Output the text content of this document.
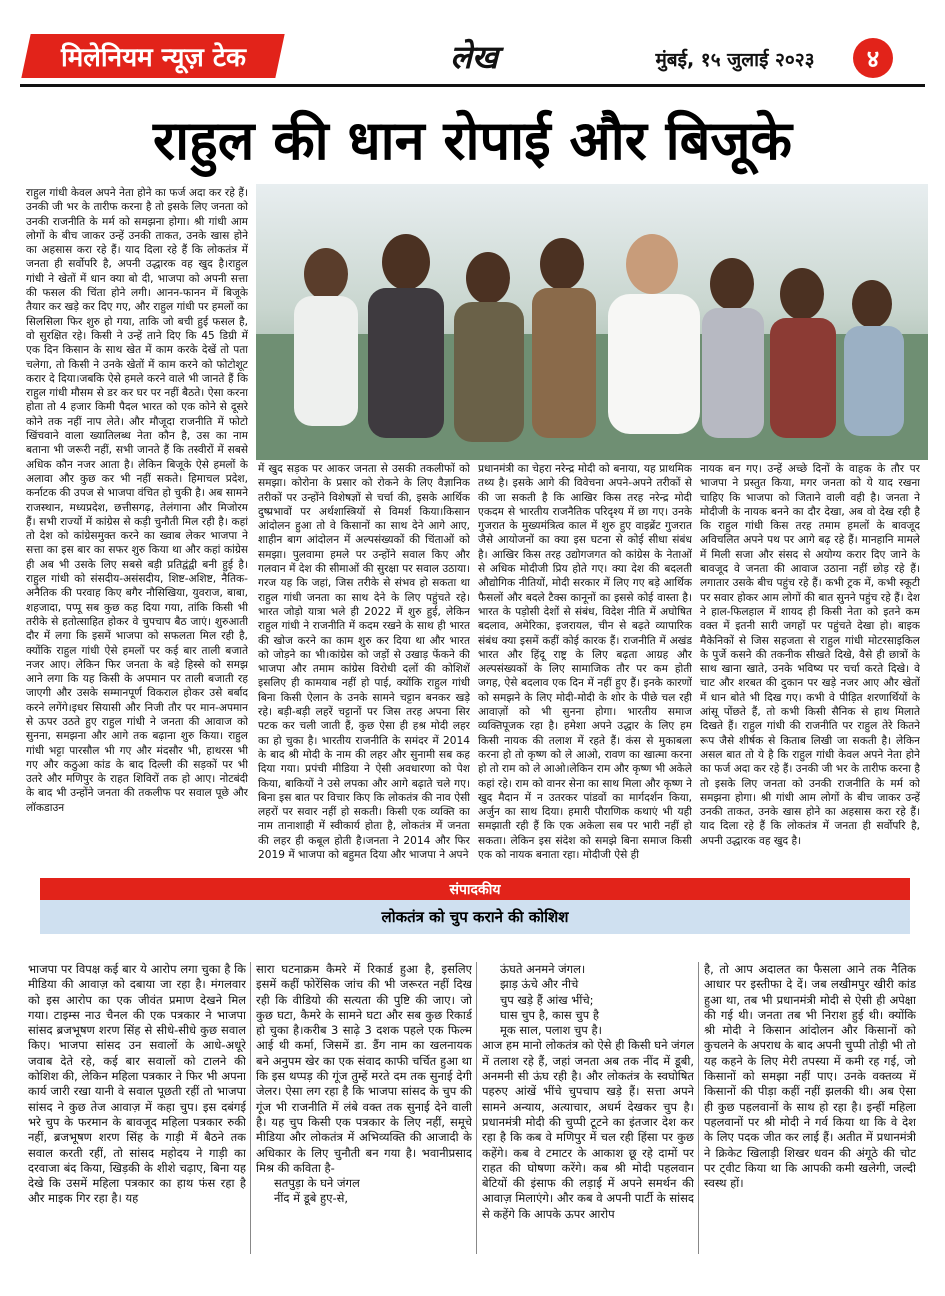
मिलेनियम न्यूज़ टेक	लेख	मुंबई, १५ जुलाई २०२३	४
राहुल की धान रोपाई और बिजूके
राहुल गांधी केवल अपने नेता होने का फर्ज अदा कर रहे हैं। उनकी जी भर के तारीफ करना है तो इसके लिए जनता को उनकी राजनीति के मर्म को समझना होगा। श्री गांधी आम लोगों के बीच जाकर उन्हें उनकी ताकत, उनके खास होने का अहसास करा रहे हैं। याद दिला रहे हैं कि लोकतंत्र में जनता ही सर्वोपरि है, अपनी उद्धारक वह खुद है।राहुल गांधी ने खेतों में धान क्या बो दी, भाजपा को अपनी सत्ता की फसल की चिंता होने लगी। आनन-फानन में बिजूके तैयार कर खड़े कर दिए गए, और राहुल गांधी पर हमलों का सिलसिला फिर शुरु हो गया, ताकि जो बची हुई फसल है, वो सुरक्षित रहे। किसी ने उन्हें ताने दिए कि 45 डिग्री में एक दिन किसान के साथ खेत में काम करके देखें तो पता चलेगा, तो किसी ने उनके खेतों में काम करने को फोटोशूट करार दे दिया।जबकि ऐसे हमले करने वाले भी जानते हैं कि राहुल गांधी मौसम से डर कर घर पर नहीं बैठते। ऐसा करना होता तो 4 हजार किमी पैदल भारत को एक कोने से दूसरे कोने तक नहीं नाप लेते। और मौजूदा राजनीति में फोटो खिंचवाने वाला ख्यातिलब्ध नेता कौन है, उस का नाम बताना भी जरूरी नहीं, सभी जानते हैं कि तस्वीरों में सबसे अधिक कौन नजर आता है। लेकिन बिजूके ऐसे हमलों के अलावा और कुछ कर भी नहीं सकते। हिमाचल प्रदेश, कर्नाटक की उपज से भाजपा वंचित हो चुकी है। अब सामने राजस्थान, मध्यप्रदेश, छत्तीसगढ़, तेलंगाना और मिजोरम हैं। सभी राज्यों में कांग्रेस से कड़ी चुनौती मिल रही है। कहां तो देश को कांग्रेसमुक्त करने का ख्वाब लेकर भाजपा ने सत्ता का इस बार का सफर शुरु किया था और कहां कांग्रेस ही अब भी उसके लिए सबसे बड़ी प्रतिद्वंद्वी बनी हुई है। राहुल गांधी को संसदीय-असंसदीय, शिष्ट-अशिष्ट, नैतिक-अनैतिक की परवाह किए बगैर नौसिखिया, युवराज, बाबा, शहजादा, पप्पू सब कुछ कह दिया गया, तांकि किसी भी तरीके से हतोत्साहित होकर वे चुपचाप बैठ जाएं। शुरुआती दौर में लगा कि इसमें भाजपा को सफलता मिल रही है, क्योंकि राहुल गांधी ऐसे हमलों पर कई बार ताली बजाते नजर आए। लेकिन फिर जनता के बड़े हिस्से को समझ आने लगा कि यह किसी के अपमान पर ताली बजाती रह जाएगी और उसके सम्मानपूर्ण विकराल होकर उसे बर्बाद करने लगेंगे।इधर सियासी और निजी तौर पर मान-अपमान से ऊपर उठते हुए राहुल गांधी ने जनता की आवाज को सुनना, समझना और आगे तक बढ़ाना शुरु किया। राहुल गांधी भट्टा पारसौल भी गए और मंदसौर भी, हाथरस भी गए और कठुआ कांड के बाद दिल्ली की सड़कों पर भी उतरे और मणिपुर के राहत शिविरों तक हो आए। नोटबंदी के बाद भी उन्होंने जनता की तकलीफ पर सवाल पूछे और लॉकडाउन
में खुद सड़क पर आकर जनता से उसकी तकलीफों को समझा। कोरोना के प्रसार को रोकने के लिए वैज्ञानिक तरीकों पर उन्होंने विशेषज्ञों से चर्चा की, इसके आर्थिक दुष्प्रभावों पर अर्थशास्त्रियों से विमर्श किया।किसान आंदोलन हुआ तो वे किसानों का साथ देने आगे आए, शाहीन बाग आंदोलन में अल्पसंख्यकों की चिंताओं को समझा। पुलवामा हमले पर उन्होंने सवाल किए और गलवान में देश की सीमाओं की सुरक्षा पर सवाल उठाया। गरज यह कि जहां, जिस तरीके से संभव हो सकता था राहुल गांधी जनता का साथ देने के लिए पहुंचते रहे। भारत जोड़ो यात्रा भले ही 2022 में शुरु हुई, लेकिन राहुल गांधी ने राजनीति में कदम रखने के साथ ही भारत की खोज करने का काम शुरु कर दिया था और भारत को जोड़ने का भी।कांग्रेस को जड़ों से उखाड़ फेंकने की भाजपा और तमाम कांग्रेस विरोधी दलों की कोशिशें इसलिए ही कामयाब नहीं हो पाई, क्योंकि राहुल गांधी बिना किसी ऐलान के उनके सामने चट्टान बनकर खड़े रहे। बड़ी-बड़ी लहरें चट्टानों पर जिस तरह अपना सिर पटक कर चली जाती हैं, कुछ ऐसा ही हश्र मोदी लहर का हो चुका है। भारतीय राजनीति के समंदर में 2014 के बाद श्री मोदी के नाम की लहर और सुनामी सब कह दिया गया। प्रपंची मीडिया ने ऐसी अवधारणा को पेश किया, बाकियों ने उसे लपका और आगे बढ़ाते चले गए। बिना इस बात पर विचार किए कि लोकतंत्र की नाव ऐसी लहरों पर सवार नहीं हो सकती। किसी एक व्यक्ति का नाम तानाशाही में स्वीकार्य होता है, लोकतंत्र में जनता की लहर ही कबूल होती है।जनता ने 2014 और फिर 2019 में भाजपा को बहुमत दिया और भाजपा ने अपने
प्रधानमंत्री का चेहरा नरेन्द्र मोदी को बनाया, यह प्राथमिक तथ्य है। इसके आगे की विवेचना अपने-अपने तरीकों से की जा सकती है कि आखिर किस तरह नरेन्द्र मोदी एकदम से भारतीय राजनैतिक परिदृश्य में छा गए। उनके गुजरात के मुख्यमंत्रित्व काल में शुरु हुए वाइब्रेंट गुजरात जैसे आयोजनों का क्या इस घटना से कोई सीधा संबंध है। आखिर किस तरह उद्योगजगत को कांग्रेस के नेताओं से अधिक मोदीजी प्रिय होते गए। क्या देश की बदलती औद्योगिक नीतियों, मोदी सरकार में लिए गए बड़े आर्थिक फैसलों और बदले टैक्स कानूनों का इससे कोई वास्ता है।भारत के पड़ोसी देशों से संबंध, विदेश नीति में अघोषित बदलाव, अमेरिका, इजरायल, चीन से बढ़ते व्यापारिक संबंध क्या इसमें कहीं कोई कारक हैं। राजनीति में अखंड भारत और हिंदू राष्ट्र के लिए बढ़ता आग्रह और अल्पसंख्यकों के लिए सामाजिक तौर पर कम होती जगह, ऐसे बदलाव एक दिन में नहीं हुए हैं। इनके कारणों को समझने के लिए मोदी-मोदी के शोर के पीछे चल रही आवाज़ों को भी सुनना होगा। भारतीय समाज व्यक्तिपूजक रहा है। हमेशा अपने उद्धार के लिए हम किसी नायक की तलाश में रहते हैं। कंस से मुकाबला करना हो तो कृष्ण को ले आओ, रावण का खात्मा करना हो तो राम को ले आओ।लेकिन राम और कृष्ण भी अकेले कहां रहे। राम को वानर सेना का साथ मिला और कृष्ण ने खुद मैदान में न उतरकर पांडवों का मार्गदर्शन किया, अर्जुन का साथ दिया। हमारी पौराणिक कथाएं भी यही समझाती रही हैं कि एक अकेला सब पर भारी नहीं हो सकता। लेकिन इस संदेश को समझे बिना समाज किसी एक को नायक बनाता रहा। मोदीजी ऐसे ही
नायक बन गए। उन्हें अच्छे दिनों के वाहक के तौर पर भाजपा ने प्रस्तुत किया, मगर जनता को ये याद रखना चाहिए कि भाजपा को जिताने वाली वही है। जनता ने मोदीजी के नायक बनने का दौर देखा, अब वो देख रही है कि राहुल गांधी किस तरह तमाम हमलों के बावजूद अविचलित अपने पथ पर आगे बढ़ रहे हैं। मानहानि मामले में मिली सजा और संसद से अयोग्य करार दिए जाने के बावजूद वे जनता की आवाज उठाना नहीं छोड़ रहे हैं। लगातार उसके बीच पहुंच रहे हैं। कभी ट्रक में, कभी स्कूटी पर सवार होकर आम लोगों की बात सुनने पहुंच रहे हैं। देश ने हाल-फिलहाल में शायद ही किसी नेता को इतने कम वक्त में इतनी सारी जगहों पर पहुंचते देखा हो। बाइक मैकेनिकों से जिस सहजता से राहुल गांधी मोटरसाइकिल के पुर्जे कसने की तकनीक सीखते दिखे, वैसे ही छात्रों के साथ खाना खाते, उनके भविष्य पर चर्चा करते दिखे। वे चाट और शरबत की दुकान पर खड़े नजर आए और खेतों में धान बोते भी दिख गए। कभी वे पीड़ित शरणार्थियों के आंसू पोंछते हैं, तो कभी किसी सैनिक से हाथ मिलाते दिखते हैं। राहुल गांधी की राजनीति पर राहुल तेरे कितने रूप जैसे शीर्षक से किताब लिखी जा सकती है। लेकिन असल बात तो ये है कि राहुल गांधी केवल अपने नेता होने का फर्ज अदा कर रहे हैं। उनकी जी भर के तारीफ करना है तो इसके लिए जनता को उनकी राजनीति के मर्म को समझना होगा। श्री गांधी आम लोगों के बीच जाकर उन्हें उनकी ताकत, उनके खास होने का अहसास करा रहे हैं। याद दिला रहे हैं कि लोकतंत्र में जनता ही सर्वोपरि है, अपनी उद्धारक वह खुद है।
संपादकीय
लोकतंत्र को चुप कराने की कोशिश
भाजपा पर विपक्ष कई बार ये आरोप लगा चुका है कि मीडिया की आवाज़ को दबाया जा रहा है। मंगलवार को इस आरोप का एक जीवंत प्रमाण देखने मिल गया। टाइम्स नाउ चैनल की एक पत्रकार ने भाजपा सांसद ब्रजभूषण शरण सिंह से सीधे-सीधे कुछ सवाल किए। भाजपा सांसद उन सवालों के आधे-अधूरे जवाब देते रहे, कई बार सवालों को टालने की कोशिश की, लेकिन महिला पत्रकार ने फिर भी अपना कार्य जारी रखा यानी वे सवाल पूछती रहीं तो भाजपा सांसद ने कुछ तेज आवाज़ में कहा चुप। इस दबंगई भरे चुप के फरमान के बावजूद महिला पत्रकार रुकी नहीं, ब्रजभूषण शरण सिंह के गाड़ी में बैठने तक सवाल करती रहीं, तो सांसद महोदय ने गाड़ी का दरवाजा बंद किया, खिड़की के शीशे चढ़ाए, बिना यह देखे कि उसमें महिला पत्रकार का हाथ फंस रहा है और माइक गिर रहा है। यह
सारा घटनाक्रम कैमरे में रिकार्ड हुआ है, इसलिए इसमें कहीं फोरेंसिक जांच की भी जरूरत नहीं दिख रही कि वीडियो की सत्यता की पुष्टि की जाए। जो कुछ घटा, कैमरे के सामने घटा और सब कुछ रिकार्ड हो चुका है।करीब 3 साढ़े 3 दशक पहले एक फिल्म आई थी कर्मा, जिसमें डा. डैंग नाम का खलनायक बने अनुपम खेर का एक संवाद काफी चर्चित हुआ था कि इस थप्पड़ की गूंज तुम्हें मरते दम तक सुनाई देगी जेलर। ऐसा लग रहा है कि भाजपा सांसद के चुप की गूंज भी राजनीति में लंबे वक्त तक सुनाई देने वाली है। यह चुप किसी एक पत्रकार के लिए नहीं, समूचे मीडिया और लोकतंत्र में अभिव्यक्ति की आजादी के अधिकार के लिए चुनौती बन गया है। भवानीप्रसाद मिश्र की कविता है-
सतपुड़ा के घने जंगल
नींद में डूबे हुए-से,
ऊंघते अनमने जंगल।
झाड़ ऊंचे और नीचे
चुप खड़े हैं आंख भींचे;
घास चुप है, कास चुप है
मूक साल, पलाश चुप है।
आज हम मानो लोकतंत्र को ऐसे ही किसी घने जंगल में तलाश रहे हैं, जहां जनता अब तक नींद में डूबी, अनमनी सी ऊंघ रही है। और लोकतंत्र के स्वघोषित पहरुए आंखें भींचे चुपचाप खड़े हैं। सत्ता अपने सामने अन्याय, अत्याचार, अधर्म देखकर चुप है। प्रधानमंत्री मोदी की चुप्पी टूटने का इंतजार देश कर रहा है कि कब वे मणिपुर में चल रही हिंसा पर कुछ कहेंगे। कब वे टमाटर के आकाश छू रहे दामों पर राहत की घोषणा करेंगे। कब श्री मोदी पहलवान बेटियों की इंसाफ की लड़ाई में अपने समर्थन की आवाज़ मिलाएंगे। और कब वे अपनी पार्टी के सांसद से कहेंगे कि आपके ऊपर आरोप
है, तो आप अदालत का फैसला आने तक नैतिक आधार पर इस्तीफा दे दें। जब लखीमपुर खीरी कांड हुआ था, तब भी प्रधानमंत्री मोदी से ऐसी ही अपेक्षा की गई थी। जनता तब भी निराश हुई थी। क्योंकि श्री मोदी ने किसान आंदोलन और किसानों को कुचलने के अपराध के बाद अपनी चुप्पी तोड़ी भी तो यह कहने के लिए मेरी तपस्या में कमी रह गई, जो किसानों को समझा नहीं पाए। उनके वक्तव्य में किसानों की पीड़ा कहीं नहीं झलकी थी। अब ऐसा ही कुछ पहलवानों के साथ हो रहा है। इन्हीं महिला पहलवानों पर श्री मोदी ने गर्व किया था कि वे देश के लिए पदक जीत कर लाई हैं। अतीत में प्रधानमंत्री ने क्रिकेट खिलाड़ी शिखर धवन की अंगूठे की चोट पर ट्वीट किया था कि आपकी कमी खलेगी, जल्दी स्वस्थ हों।
